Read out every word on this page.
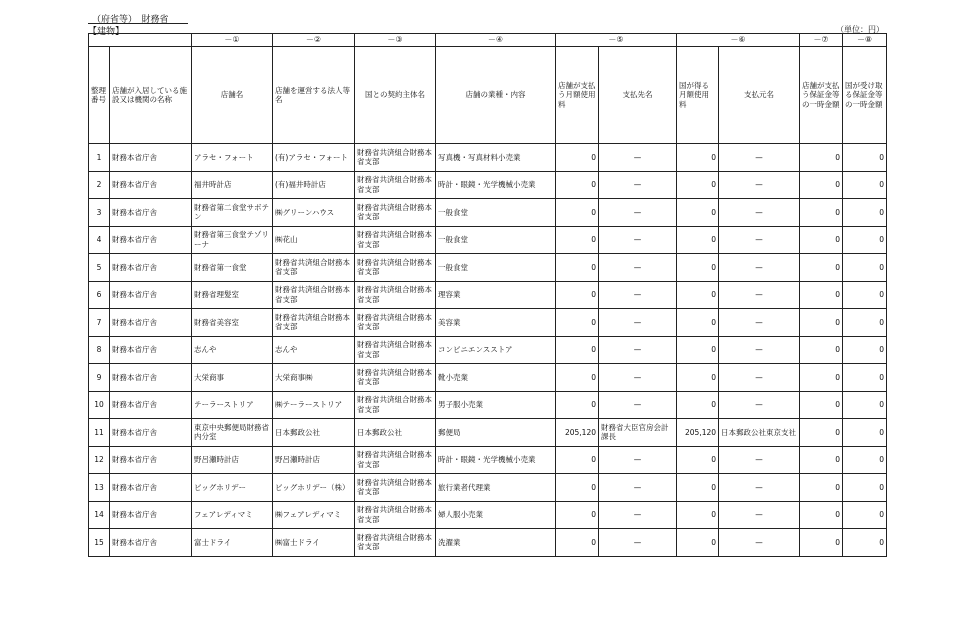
（府省等）　財務省
【建物】	（単位：円）
		－①	－②	－③	－④	－⑤		－⑥		－⑦	－⑧
整理番号	店舗が入居している施設又は機関の名称	店舗名	店舗を運営する法人等名	国との契約主体名	店舗の業種・内容	店舗が支払う月額使用料	支払先名	国が得る月額使用料	支払元名	店舗が支払う保証金等の一時金額	国が受け取る保証金等の一時金額
1	財務本省庁舎	アラセ・フォート	(有)アラセ・フォート	財務省共済組合財務本省支部	写真機・写真材料小売業	0	—	0	—	0	0
2	財務本省庁舎	福井時計店	(有)福井時計店	財務省共済組合財務本省支部	時計・眼鏡・光学機械小売業	0	—	0	—	0	0
3	財務本省庁舎	財務省第二食堂サボテン	㈱グリーンハウス	財務省共済組合財務本省支部	一般食堂	0	—	0	—	0	0
4	財務本省庁舎	財務省第三食堂テゾリーナ	㈱花山	財務省共済組合財務本省支部	一般食堂	0	—	0	—	0	0
5	財務本省庁舎	財務省第一食堂	財務省共済組合財務本省支部	財務省共済組合財務本省支部	一般食堂	0	—	0	—	0	0
6	財務本省庁舎	財務省理髪室	財務省共済組合財務本省支部	財務省共済組合財務本省支部	理容業	0	—	0	—	0	0
7	財務本省庁舎	財務省美容室	財務省共済組合財務本省支部	財務省共済組合財務本省支部	美容業	0	—	0	—	0	0
8	財務本省庁舎	志んや	志んや	財務省共済組合財務本省支部	コンビニエンスストア	0	—	0	—	0	0
9	財務本省庁舎	大栄商事	大栄商事㈱	財務省共済組合財務本省支部	靴小売業	0	—	0	—	0	0
10	財務本省庁舎	テーラーストリア	㈱テーラーストリア	財務省共済組合財務本省支部	男子服小売業	0	—	0	—	0	0
11	財務本省庁舎	東京中央郵便局財務省内分室	日本郵政公社	日本郵政公社	郵便局	205,120	財務省大臣官房会計課長	205,120	日本郵政公社東京支社	0	0
12	財務本省庁舎	野呂瀬時計店	野呂瀬時計店	財務省共済組合財務本省支部	時計・眼鏡・光学機械小売業	0	—	0	—	0	0
13	財務本省庁舎	ビッグホリデー	ビッグホリデー（株）	財務省共済組合財務本省支部	旅行業者代理業	0	—	0	—	0	0
14	財務本省庁舎	フェアレディマミ	㈱フェアレディマミ	財務省共済組合財務本省支部	婦人服小売業	0	—	0	—	0	0
15	財務本省庁舎	富士ドライ	㈱富士ドライ	財務省共済組合財務本省支部	洗濯業	0	—	0	—	0	0
